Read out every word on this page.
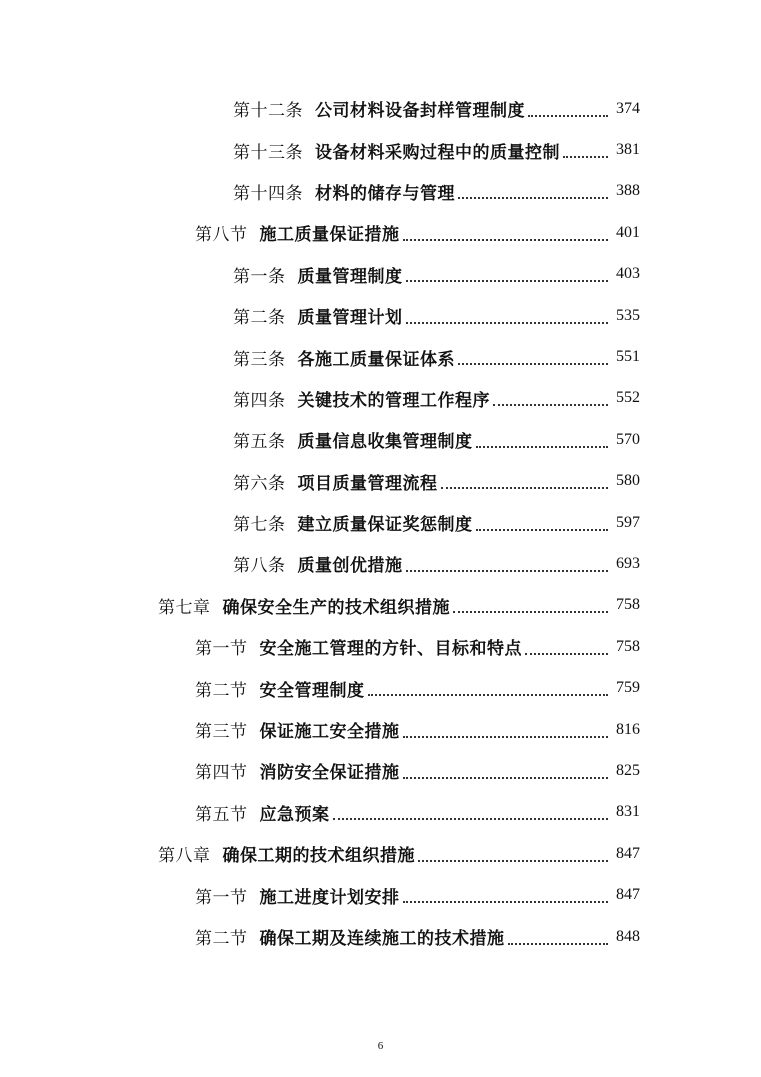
第十二条 公司材料设备封样管理制度	374
第十三条 设备材料采购过程中的质量控制	381
第十四条 材料的储存与管理	388
第八节 施工质量保证措施	401
第一条 质量管理制度	403
第二条 质量管理计划	535
第三条 各施工质量保证体系	551
第四条 关键技术的管理工作程序	552
第五条 质量信息收集管理制度	570
第六条 项目质量管理流程	580
第七条 建立质量保证奖惩制度	597
第八条 质量创优措施	693
第七章 确保安全生产的技术组织措施	758
第一节 安全施工管理的方针、目标和特点	758
第二节 安全管理制度	759
第三节 保证施工安全措施	816
第四节 消防安全保证措施	825
第五节 应急预案	831
第八章 确保工期的技术组织措施	847
第一节 施工进度计划安排	847
第二节 确保工期及连续施工的技术措施	848
6
